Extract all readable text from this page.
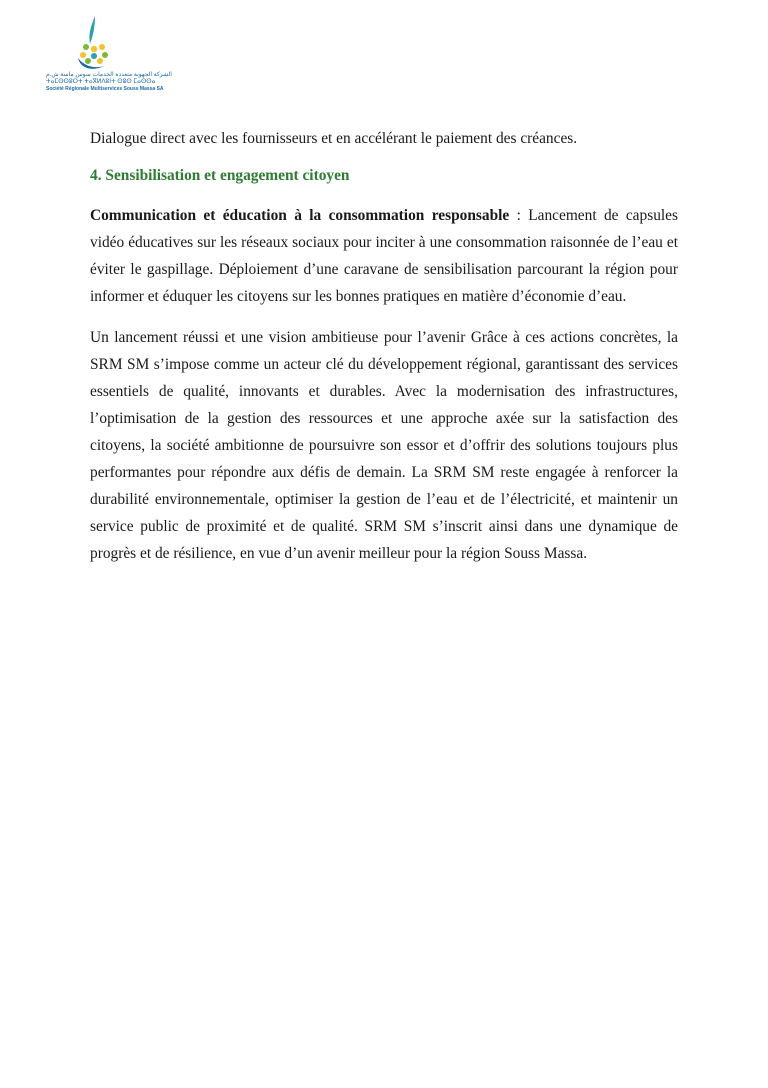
الشركة الجهوية متعددة الخدمات سوس ماسة ش.م
ⵜⴰⵎⵙⵙⵓⵔⵜ ⵜⴰⴳⵍⴷⵓⵏⵜ ⵙⵓⵙ ⵎⴰⵙⵙⴰ
Société Régionale Multiservices Souss Massa SA

Dialogue direct avec les fournisseurs et en accélérant le paiement des créances.

4. Sensibilisation et engagement citoyen

Communication et éducation à la consommation responsable : Lancement de capsules vidéo éducatives sur les réseaux sociaux pour inciter à une consommation raisonnée de l’eau et éviter le gaspillage. Déploiement d’une caravane de sensibilisation parcourant la région pour informer et éduquer les citoyens sur les bonnes pratiques en matière d’économie d’eau.

Un lancement réussi et une vision ambitieuse pour l’avenir Grâce à ces actions concrètes, la SRM SM s’impose comme un acteur clé du développement régional, garantissant des services essentiels de qualité, innovants et durables. Avec la modernisation des infrastructures, l’optimisation de la gestion des ressources et une approche axée sur la satisfaction des citoyens, la société ambitionne de poursuivre son essor et d’offrir des solutions toujours plus performantes pour répondre aux défis de demain. La SRM SM reste engagée à renforcer la durabilité environnementale, optimiser la gestion de l’eau et de l’électricité, et maintenir un service public de proximité et de qualité. SRM SM s’inscrit ainsi dans une dynamique de progrès et de résilience, en vue d’un avenir meilleur pour la région Souss Massa.
